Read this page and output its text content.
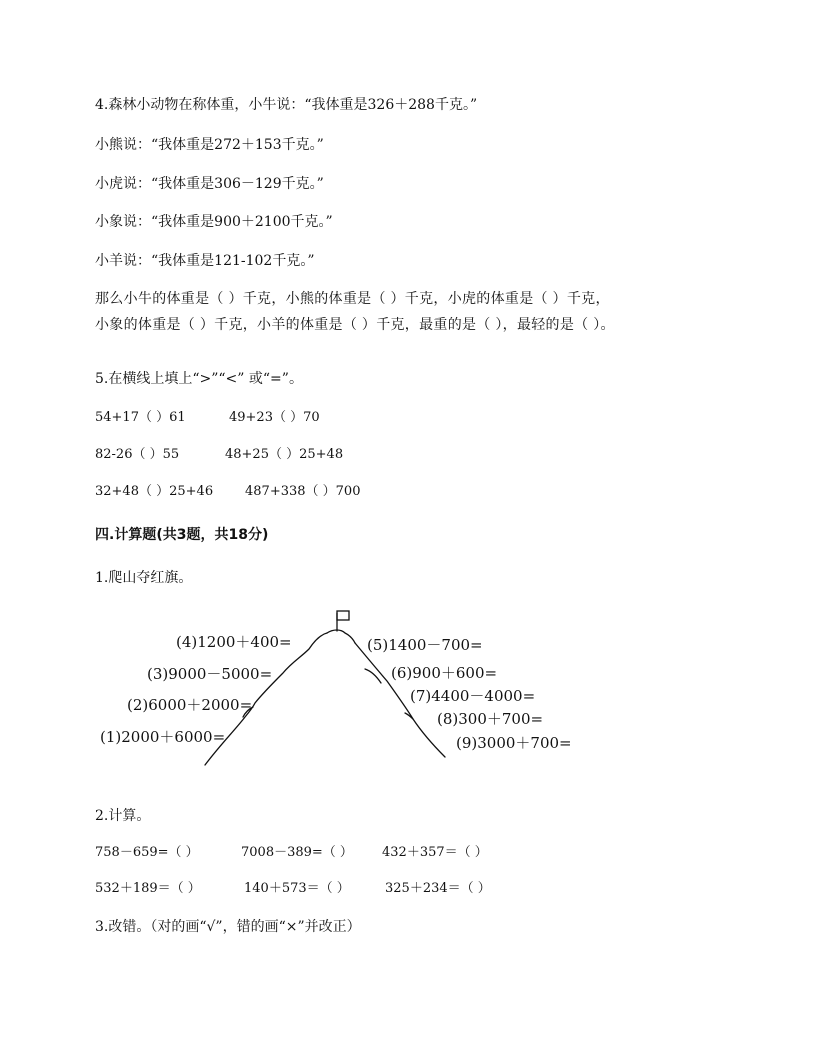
4.森林小动物在称体重，小牛说：“我体重是326＋288千克。”
小熊说：“我体重是272＋153千克。”
小虎说：“我体重是306－129千克。”
小象说：“我体重是900＋2100千克。”
小羊说：“我体重是121-102千克。”
那么小牛的体重是（ ）千克，小熊的体重是（ ）千克，小虎的体重是（ ）千克，小象的体重是（ ）千克，小羊的体重是（ ）千克，最重的是（ ），最轻的是（ ）。
5.在横线上填上“>”“<” 或“=”。
54+17（ ）61	49+23（ ）70
82-26（ ）55	48+25（ ）25+48
32+48（ ）25+46 487+338（ ）700
四.计算题(共3题，共18分)
1.爬山夺红旗。
(4)1200＋400=
(3)9000－5000=
(2)6000＋2000=
(1)2000＋6000=
(5)1400－700=
(6)900＋600=
(7)4400－4000=
(8)300＋700=
(9)3000＋700=
2.计算。
758－659=（ ）	7008－389=（ ） 432＋357＝（ ）
532＋189＝（ ）	140＋573＝（ ）	325＋234＝（ ）
3.改错。（对的画“√”，错的画“×”并改正）
